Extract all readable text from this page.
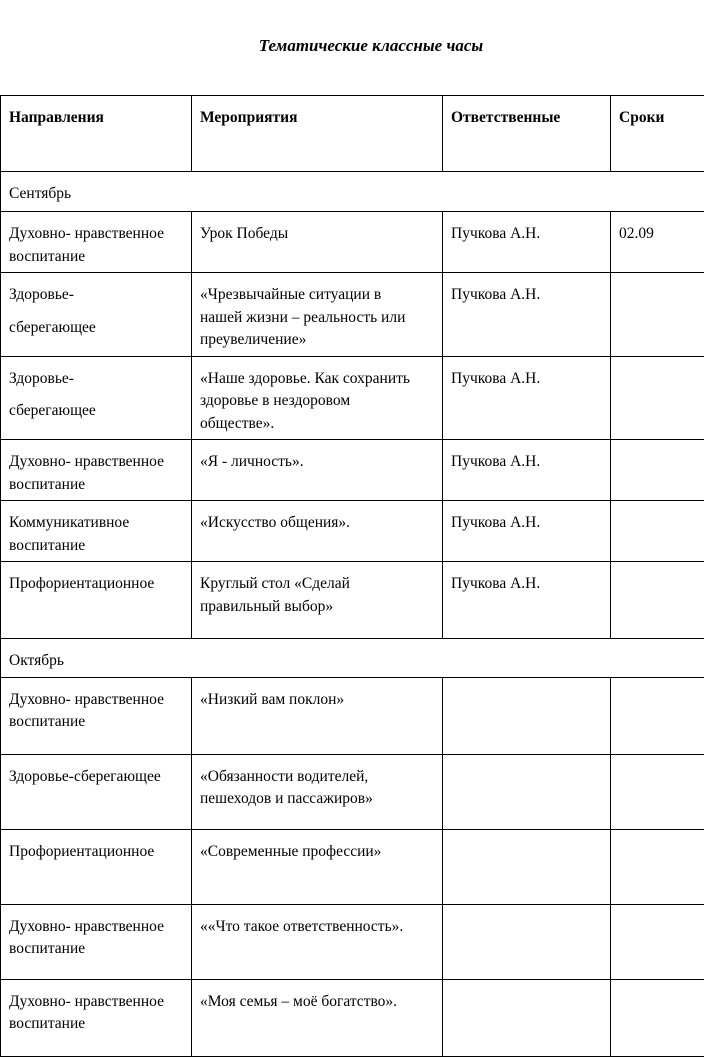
Тематические классные часы
Направления	Мероприятия	Ответственные	Сроки
Сентябрь			

Духовно- нравственное
воспитание	Урок Победы	Пучкова А.Н.	02.09

Здоровье-
сберегающее	«Чрезвычайные ситуации в
нашей жизни – реальность или
преувеличение»	Пучкова А.Н.	

Здоровье-
сберегающее	«Наше здоровье. Как сохранить
здоровье в нездоровом
обществе».	Пучкова А.Н.	

Духовно- нравственное
воспитание	«Я - личность».	Пучкова А.Н.	

Коммуникативное
воспитание	«Искусство общения».	Пучкова А.Н.	

Профориентационное	Круглый стол «Сделай
правильный выбор»	Пучкова А.Н.	
Октябрь			

Духовно- нравственное
воспитание	«Низкий вам поклон»		

Здоровье-сберегающее	«Обязанности водителей,
пешеходов и пассажиров»		

Профориентационное	«Современные профессии»		

Духовно- нравственное
воспитание	««Что такое ответственность».		

Духовно- нравственное
воспитание	«Моя семья – моё богатство».		
